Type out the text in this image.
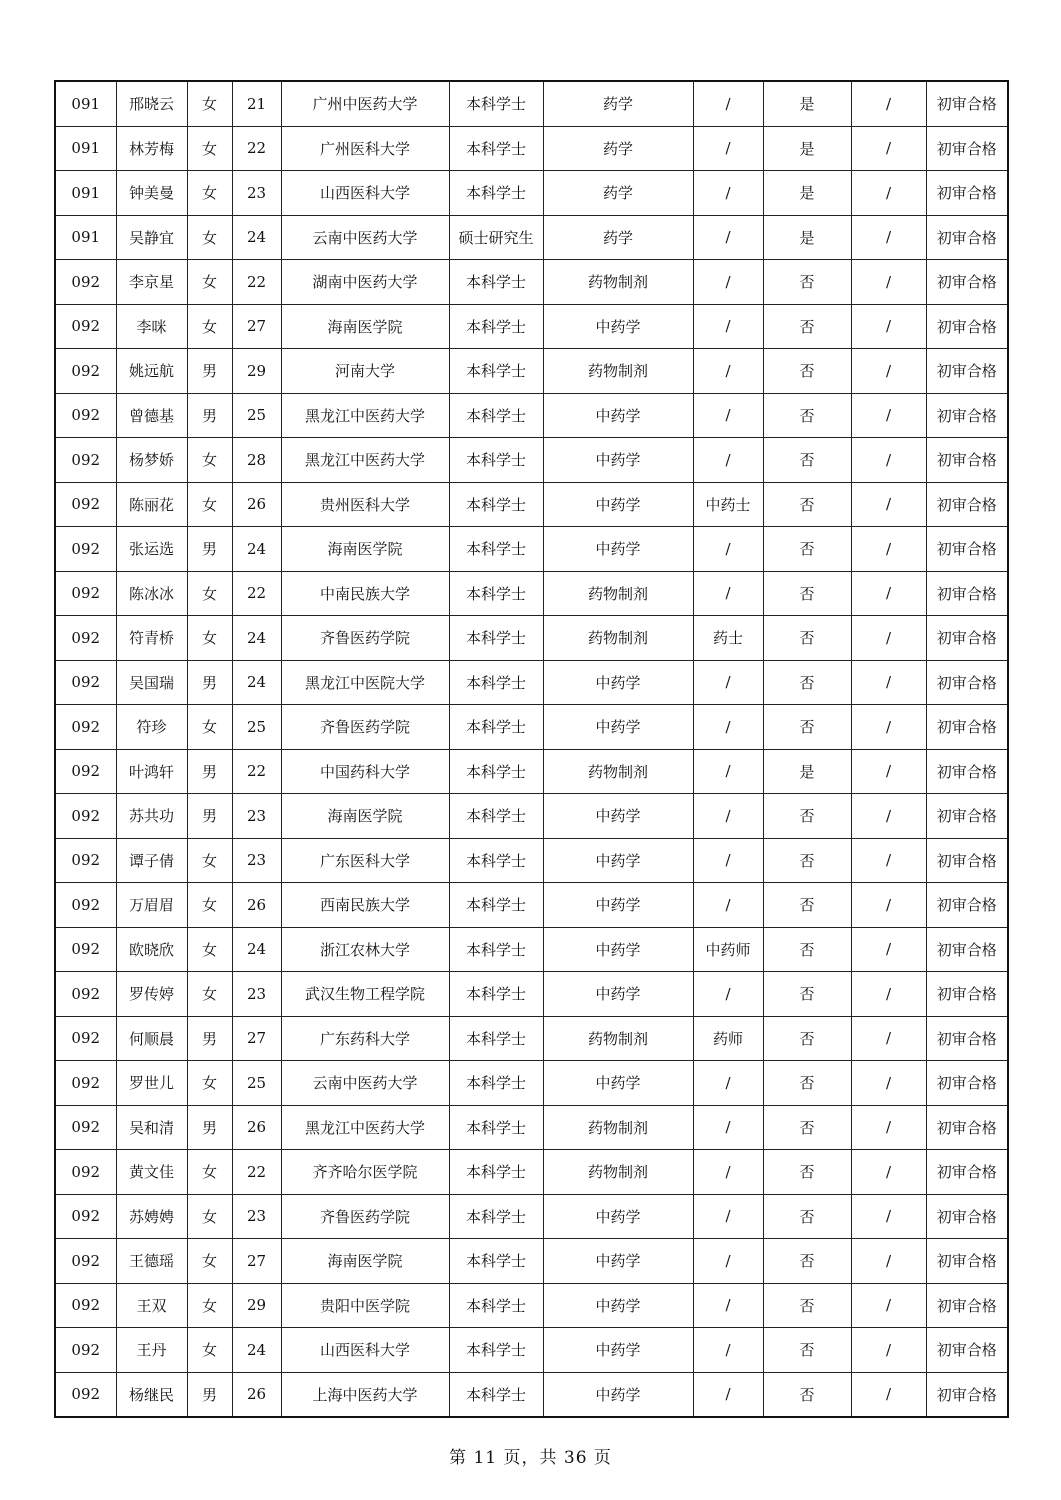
091	邢晓云	女	21	广州中医药大学	本科学士	药学	/	是	/	初审合格
091	林芳梅	女	22	广州医科大学	本科学士	药学	/	是	/	初审合格
091	钟美曼	女	23	山西医科大学	本科学士	药学	/	是	/	初审合格
091	吴静宜	女	24	云南中医药大学	硕士研究生	药学	/	是	/	初审合格
092	李京星	女	22	湖南中医药大学	本科学士	药物制剂	/	否	/	初审合格
092	李咪	女	27	海南医学院	本科学士	中药学	/	否	/	初审合格
092	姚远航	男	29	河南大学	本科学士	药物制剂	/	否	/	初审合格
092	曾德基	男	25	黑龙江中医药大学	本科学士	中药学	/	否	/	初审合格
092	杨梦娇	女	28	黑龙江中医药大学	本科学士	中药学	/	否	/	初审合格
092	陈丽花	女	26	贵州医科大学	本科学士	中药学	中药士	否	/	初审合格
092	张运选	男	24	海南医学院	本科学士	中药学	/	否	/	初审合格
092	陈冰冰	女	22	中南民族大学	本科学士	药物制剂	/	否	/	初审合格
092	符青桥	女	24	齐鲁医药学院	本科学士	药物制剂	药士	否	/	初审合格
092	吴国瑞	男	24	黑龙江中医院大学	本科学士	中药学	/	否	/	初审合格
092	符珍	女	25	齐鲁医药学院	本科学士	中药学	/	否	/	初审合格
092	叶鸿轩	男	22	中国药科大学	本科学士	药物制剂	/	是	/	初审合格
092	苏共功	男	23	海南医学院	本科学士	中药学	/	否	/	初审合格
092	谭子倩	女	23	广东医科大学	本科学士	中药学	/	否	/	初审合格
092	万眉眉	女	26	西南民族大学	本科学士	中药学	/	否	/	初审合格
092	欧晓欣	女	24	浙江农林大学	本科学士	中药学	中药师	否	/	初审合格
092	罗传婷	女	23	武汉生物工程学院	本科学士	中药学	/	否	/	初审合格
092	何顺晨	男	27	广东药科大学	本科学士	药物制剂	药师	否	/	初审合格
092	罗世儿	女	25	云南中医药大学	本科学士	中药学	/	否	/	初审合格
092	吴和清	男	26	黑龙江中医药大学	本科学士	药物制剂	/	否	/	初审合格
092	黄文佳	女	22	齐齐哈尔医学院	本科学士	药物制剂	/	否	/	初审合格
092	苏娉娉	女	23	齐鲁医药学院	本科学士	中药学	/	否	/	初审合格
092	王德瑶	女	27	海南医学院	本科学士	中药学	/	否	/	初审合格
092	王双	女	29	贵阳中医学院	本科学士	中药学	/	否	/	初审合格
092	王丹	女	24	山西医科大学	本科学士	中药学	/	否	/	初审合格
092	杨继民	男	26	上海中医药大学	本科学士	中药学	/	否	/	初审合格
第 11 页，共 36 页
